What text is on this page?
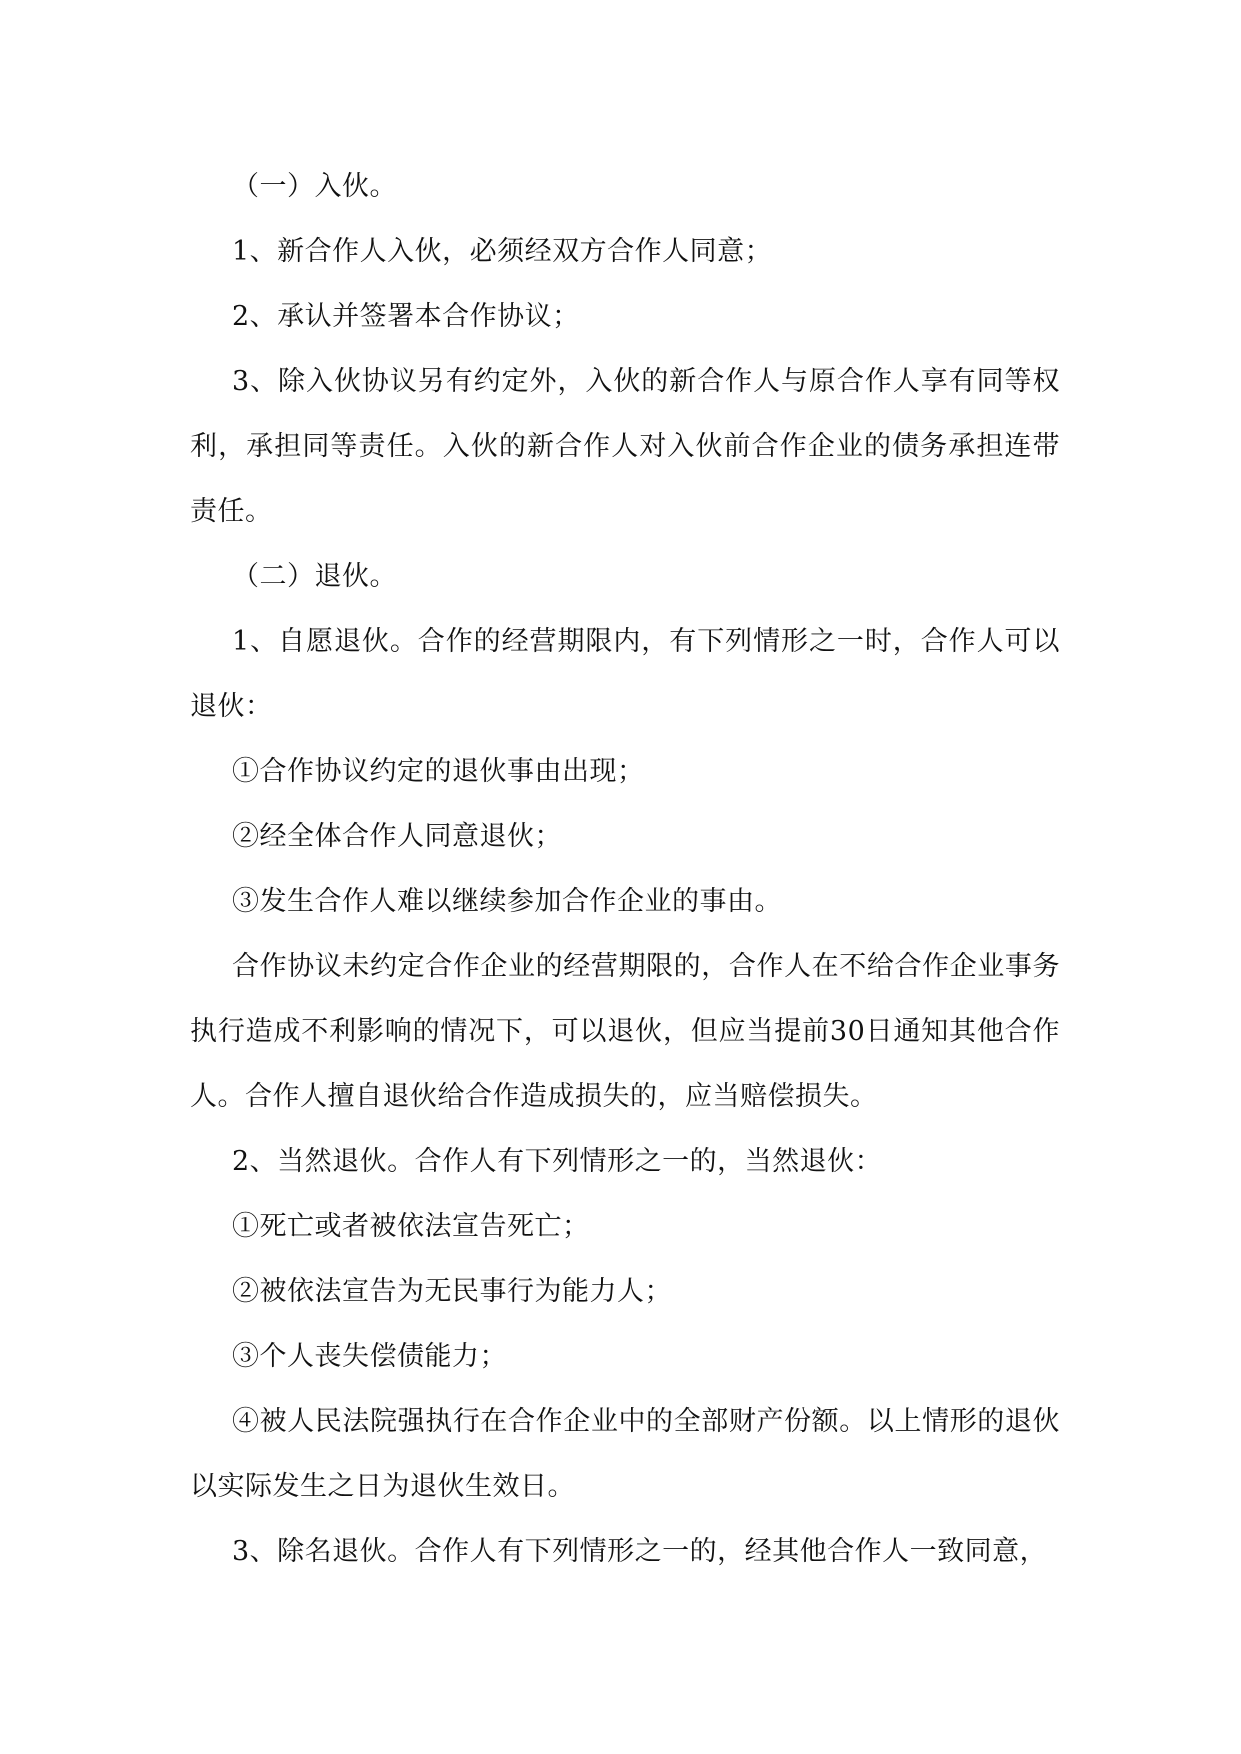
（一）入伙。

1、新合作人入伙，必须经双方合作人同意；

2、承认并签署本合作协议；

3、除入伙协议另有约定外，入伙的新合作人与原合作人享有同等权利，承担同等责任。入伙的新合作人对入伙前合作企业的债务承担连带责任。

（二）退伙。

1、自愿退伙。合作的经营期限内，有下列情形之一时，合作人可以退伙：

①合作协议约定的退伙事由出现；

②经全体合作人同意退伙；

③发生合作人难以继续参加合作企业的事由。

合作协议未约定合作企业的经营期限的，合作人在不给合作企业事务执行造成不利影响的情况下，可以退伙，但应当提前30日通知其他合作人。合作人擅自退伙给合作造成损失的，应当赔偿损失。

2、当然退伙。合作人有下列情形之一的，当然退伙：

①死亡或者被依法宣告死亡；

②被依法宣告为无民事行为能力人；

③个人丧失偿债能力；

④被人民法院强执行在合作企业中的全部财产份额。以上情形的退伙以实际发生之日为退伙生效日。

3、除名退伙。合作人有下列情形之一的，经其他合作人一致同意，
